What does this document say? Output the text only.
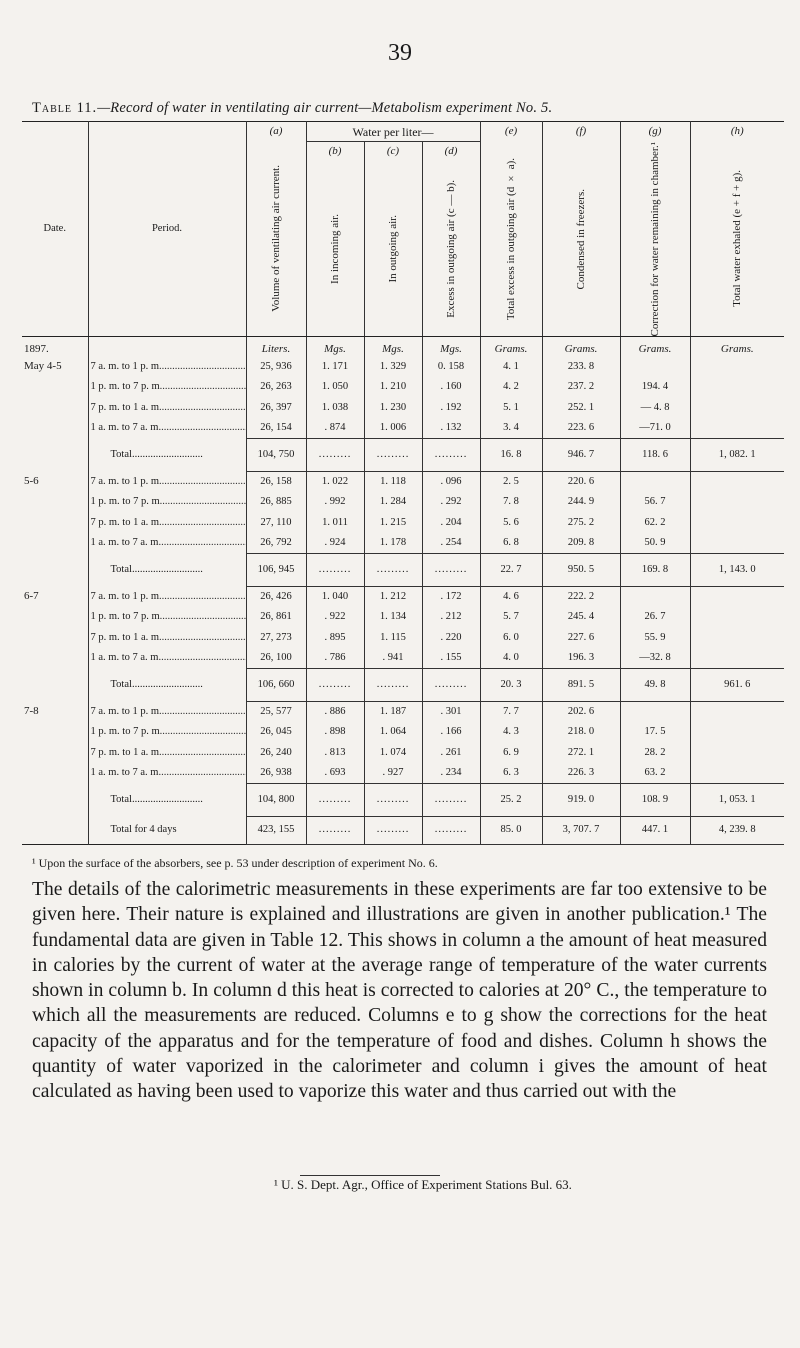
39
Table 11.—Record of water in ventilating air current—Metabolism experiment No. 5.
Date.	Period.	(a)	Water per liter—			(e)	(f)	(g)	(h)

		Volume of ventilating air current.	(b)	(c)	(d)	Total excess in outgoing air (d × a).	Condensed in freezers.	Correction for water remaining in chamber.¹	Total water exhaled (e + f + g).

			In incoming air.	In outgoing air.	Excess in outgoing air (c — b).				

1897.		Liters.	Mgs.	Mgs.	Mgs.	Grams.	Grams.	Grams.	Grams.
May 4-5	7 a. m. to 1 p. m .....	25, 936	1. 171	1. 329	0. 158	4. 1	233. 8		
	1 p. m. to 7 p. m .....	26, 263	1. 050	1. 210	. 160	4. 2	237. 2	194. 4	
	7 p. m. to 1 a. m .....	26, 397	1. 038	1. 230	. 192	5. 1	252. 1	— 4. 8	
	1 a. m. to 7 a. m .....	26, 154	. 874	1. 006	. 132	3. 4	223. 6	—71. 0	
	Total .....	104, 750	.........	.........	.........	16. 8	946. 7	118. 6	1, 082. 1
5-6	7 a. m. to 1 p. m .....	26, 158	1. 022	1. 118	. 096	2. 5	220. 6		
	1 p. m. to 7 p. m .....	26, 885	. 992	1. 284	. 292	7. 8	244. 9	56. 7	
	7 p. m. to 1 a. m .....	27, 110	1. 011	1. 215	. 204	5. 6	275. 2	62. 2	
	1 a. m. to 7 a. m .....	26, 792	. 924	1. 178	. 254	6. 8	209. 8	50. 9	
	Total .....	106, 945	.........	.........	.........	22. 7	950. 5	169. 8	1, 143. 0
6-7	7 a. m. to 1 p. m .....	26, 426	1. 040	1. 212	. 172	4. 6	222. 2		
	1 p. m. to 7 p. m .....	26, 861	. 922	1. 134	. 212	5. 7	245. 4	26. 7	
	7 p. m. to 1 a. m .....	27, 273	. 895	1. 115	. 220	6. 0	227. 6	55. 9	
	1 a. m. to 7 a. m .....	26, 100	. 786	. 941	. 155	4. 0	196. 3	—32. 8	
	Total .....	106, 660	.........	.........	.........	20. 3	891. 5	49. 8	961. 6
7-8	7 a. m. to 1 p. m .....	25, 577	. 886	1. 187	. 301	7. 7	202. 6		
	1 p. m. to 7 p. m .....	26, 045	. 898	1. 064	. 166	4. 3	218. 0	17. 5	
	7 p. m. to 1 a. m .....	26, 240	. 813	1. 074	. 261	6. 9	272. 1	28. 2	
	1 a. m. to 7 a. m .....	26, 938	. 693	. 927	. 234	6. 3	226. 3	63. 2	
	Total .....	104, 800	.........	.........	.........	25. 2	919. 0	108. 9	1, 053. 1
	Total for 4 days	423, 155	.........	.........	.........	85. 0	3, 707. 7	447. 1	4, 239. 8
¹ Upon the surface of the absorbers, see p. 53 under description of experiment No. 6.
The details of the calorimetric measurements in these experiments are far too extensive to be given here. Their nature is explained and illustrations are given in another publication.¹ The fundamental data are given in Table 12. This shows in column a the amount of heat measured in calories by the current of water at the average range of temperature of the water currents shown in column b. In column d this heat is corrected to calories at 20° C., the temperature to which all the measurements are reduced. Columns e to g show the corrections for the heat capacity of the apparatus and for the temperature of food and dishes. Column h shows the quantity of water vaporized in the calorimeter and column i gives the amount of heat calculated as having been used to vaporize this water and thus carried out with the
¹ U. S. Dept. Agr., Office of Experiment Stations Bul. 63.
